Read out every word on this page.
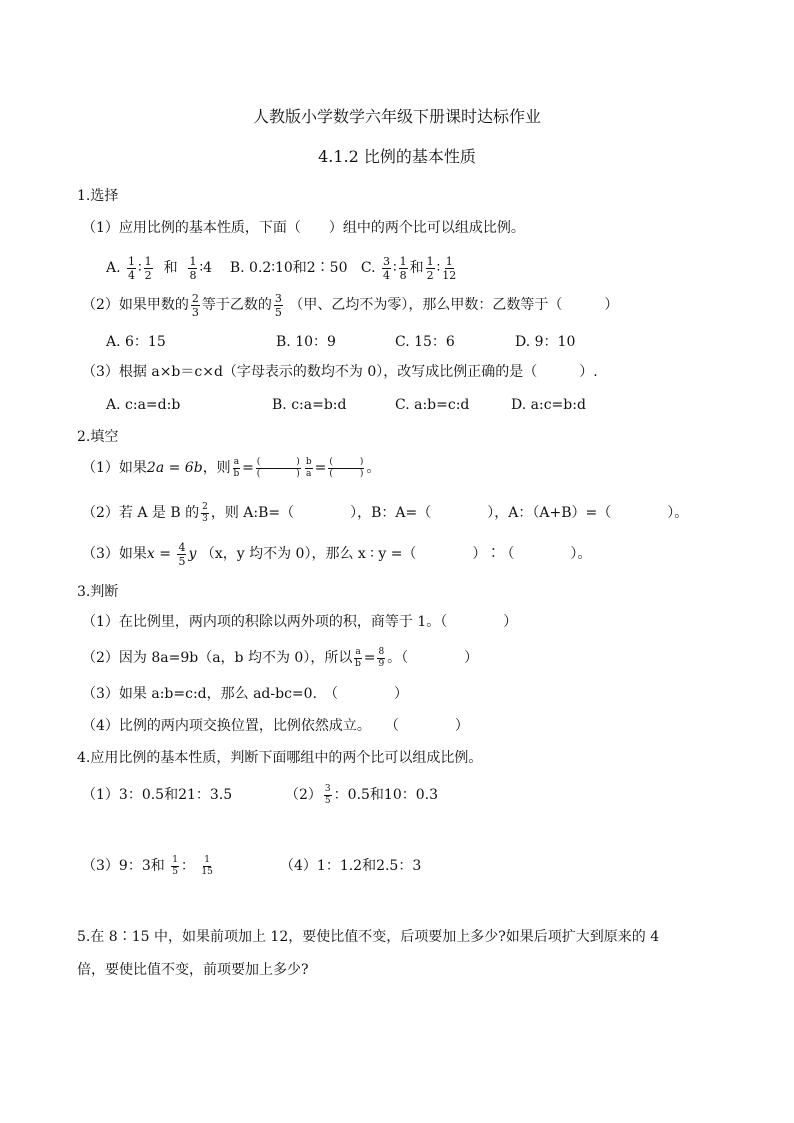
人教版小学数学六年级下册课时达标作业
4.1.2 比例的基本性质
1.选择
（1）应用比例的基本性质，下面（　　）组中的两个比可以组成比例。
A. $\frac{1}{4}$ ∶ $\frac{1}{2}$ 和 $\frac{1}{8}$ ∶4 B. 0.2∶10和2∶50 C. $\frac{3}{4}$ ∶ $\frac{1}{8}$ 和 $\frac{1}{2}$ ∶ $\frac{1}{12}$
（2）如果甲数的 $\frac{2}{3}$ 等于乙数的 $\frac{3}{5}$ （甲、乙均不为零），那么甲数：乙数等于（　　　）
A. 6：15	B. 10：9	C. 15：6	D. 9：10
（3）根据 a×b＝c×d（字母表示的数均不为 0），改写成比例正确的是（　　　）.
A. c:a=d:b	B. c:a=b:d	C. a:b=c:d	D. a:c=b:d
2.填空
（1）如果2a = 6b，则 $\frac{a}{b} = \frac{( )}{( )} \frac{b}{a} = \frac{( )}{( )}$ 。
（2）若 A 是 B 的 $\frac{2}{3}$ ，则 A:B=（　　　　），B：A=（　　　　），A：（A+B）=（　　　　）。
（3）如果$x = \frac{4}{5}$ y （x，y 均不为 0），那么 x ∶ y =（　　　　）∶（　　　　）。
3.判断
（1）在比例里，两内项的积除以两外项的积，商等于 1。（　　　　）
（2）因为 8a=9b（a，b 均不为 0），所以 $\frac{a}{b} = \frac{8}{9}$ 。（　　　　）
（3）如果 a:b=c:d，那么 ad-bc=0.　（　　　　）
（4）比例的两内项交换位置，比例依然成立。　　（　　　　）
4.应用比例的基本性质，判断下面哪组中的两个比可以组成比例。
（1）3：0.5和21：3.5	$(2) \frac{3}{5}$ ：0.5和10：0.3
（3）9：3和 $\frac{1}{5}$ ： $\frac{1}{15}$	（4）1：1.2和2.5：3
5.在 8∶15 中，如果前项加上 12，要使比值不变，后项要加上多少?如果后项扩大到原来的 4
倍，要使比值不变，前项要加上多少?
